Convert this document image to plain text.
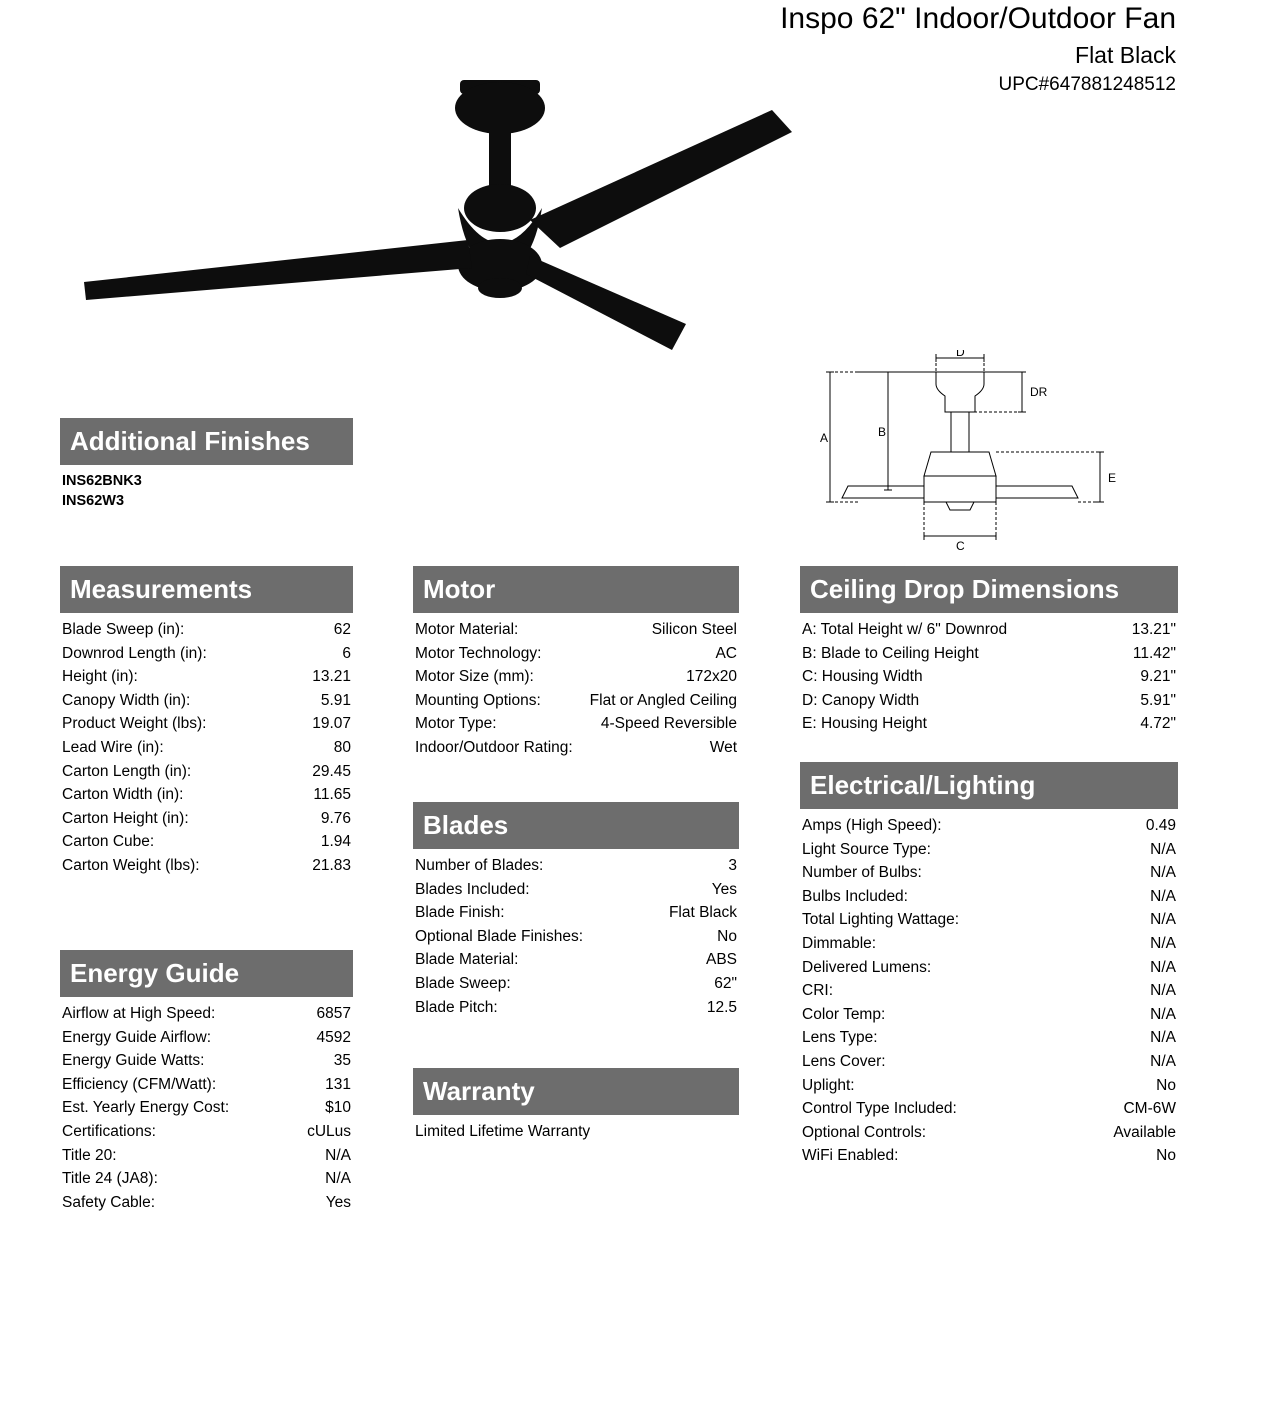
Inspo 62" Indoor/Outdoor Fan
Flat Black
UPC#647881248512
A	B
C
D
E
DR
Additional Finishes
INS62BNK3
INS62W3
Measurements
Blade Sweep (in):	62
Downrod Length (in):	6
Height (in):	13.21
Canopy Width (in):	5.91
Product Weight (lbs):	19.07
Lead Wire (in):	80
Carton Length (in):	29.45
Carton Width (in):	11.65
Carton Height (in):	9.76
Carton Cube:	1.94
Carton Weight (lbs):	21.83
Energy Guide
Airflow at High Speed:	6857
Energy Guide Airflow:	4592
Energy Guide Watts:	35
Efficiency (CFM/Watt):	131
Est. Yearly Energy Cost:	$10
Certifications:	cULus
Title 20:	N/A
Title 24 (JA8):	N/A
Safety Cable:	Yes
Motor
Motor Material:	Silicon Steel
Motor Technology:	AC
Motor Size (mm):	172x20
Mounting Options:	Flat or Angled Ceiling
Motor Type:	4-Speed Reversible
Indoor/Outdoor Rating:	Wet
Blades
Number of Blades:	3
Blades Included:	Yes
Blade Finish:	Flat Black
Optional Blade Finishes:	No
Blade Material:	ABS
Blade Sweep:	62"
Blade Pitch:	12.5
Warranty
Limited Lifetime Warranty
Ceiling Drop Dimensions
A: Total Height w/ 6" Downrod	13.21"
B: Blade to Ceiling Height	11.42"
C: Housing Width	9.21"
D: Canopy Width	5.91"
E: Housing Height	4.72"
Electrical/Lighting
Amps (High Speed):	0.49
Light Source Type:	N/A
Number of Bulbs:	N/A
Bulbs Included:	N/A
Total Lighting Wattage:	N/A
Dimmable:	N/A
Delivered Lumens:	N/A
CRI:	N/A
Color Temp:	N/A
Lens Type:	N/A
Lens Cover:	N/A
Uplight:	No
Control Type Included:	CM-6W
Optional Controls:	Available
WiFi Enabled:	No
